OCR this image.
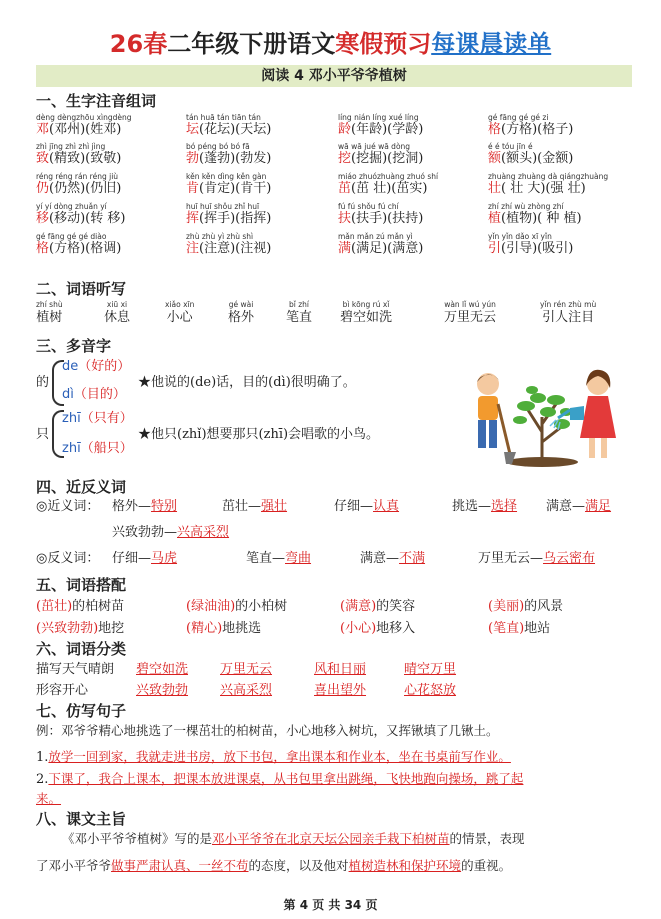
26春二年级下册语文寒假预习每课晨读单
阅读 4 邓小平爷爷植树
一、生字注音组词
dèng dèngzhōu xìngdèng
邓(邓州)(姓邓)
tán huā tán tiān tán
坛(花坛)(天坛)
líng nián líng xué líng
龄(年龄)(学龄)
gé fāng gé gé zi
格(方格)(格子)
zhì jīng zhì zhì jìng
致(精致)(致敬)
bó péng bó bó fā
勃(蓬勃)(勃发)
wā wā jué wā dòng
挖(挖掘)(挖洞)
é é tóu jīn é
额(额头)(金额)
réng réng rán réng jiù
仍(仍然)(仍旧)
kěn kěn dìng kěn gàn
肯(肯定)(肯干)
miáo zhuózhuàng zhuó shí
茁(茁 壮)(茁实)
zhuàng zhuàng dà qiángzhuàng
壮( 壮 大)(强 壮)
yí yí dòng zhuǎn yí
移(移动)(转 移)
huī huī shǒu zhǐ huī
挥(挥手)(指挥)
fú fú shǒu fú chí
扶(扶手)(扶持)
zhí zhí wù zhòng zhí
植(植物)( 种 植)
gé fāng gé gé diào
格(方格)(格调)
zhù zhù yì zhù shì
注(注意)(注视)
mǎn mǎn zú mǎn yì
满(满足)(满意)
yǐn yǐn dǎo xī yǐn
引(引导)(吸引)
二、词语听写
zhí shù
植树
xiū xi
休息
xiǎo xīn
小心
gé wài
格外
bǐ zhí
笔直
bì kōng rú xǐ
碧空如洗
wàn lǐ wú yún
万里无云
yǐn rén zhù mù
引人注目
三、多音字
的
de（好的）
dì（目的）
★他说的(de)话，目的(dì)很明确了。
只
zhī（只有）
zhī（船只）
★他只(zhǐ)想要那只(zhī)会唱歌的小鸟。
四、近反义词
◎近义词： 格外—特别	茁壮—强壮	仔细—认真	挑选—选择 满意—满足
兴致勃勃—兴高采烈
◎反义词： 仔细—马虎	笔直—弯曲	满意—不满	万里无云—乌云密布
五、词语搭配
(茁壮)的柏树苗	(绿油油)的小柏树	(满意)的笑容	(美丽)的风景
(兴致勃勃)地挖	(精心)地挑选	(小心)地移入	(笔直)地站
六、词语分类
描写天气晴朗 碧空如洗 万里无云	风和日丽	晴空万里
形容开心	兴致勃勃 兴高采烈	喜出望外	心花怒放
七、仿写句子
例：邓爷爷精心地挑选了一棵茁壮的柏树苗，小心地移入树坑，又挥锹填了几锹土。
1.放学一回到家，我就走进书房，放下书包，拿出课本和作业本，坐在书桌前写作业。
2.下课了，我合上课本，把课本放进课桌，从书包里拿出跳绳，飞快地跑向操场，跳了起
来。
八、课文主旨
《邓小平爷爷植树》写的是邓小平爷爷在北京天坛公园亲手栽下柏树苗的情景，表现
了邓小平爷爷做事严肃认真、一丝不苟的态度，以及他对植树造林和保护环境的重视。
第 4 页 共 34 页
